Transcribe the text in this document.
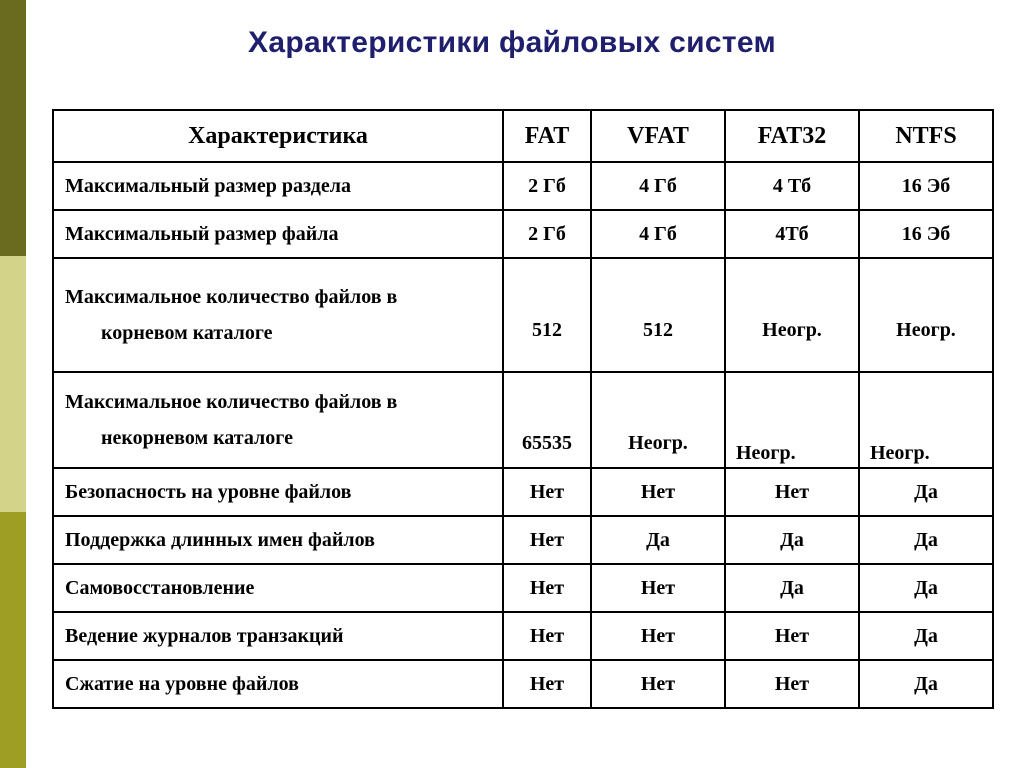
Характеристики файловых систем
Характеристика	FAT	VFAT	FAT32	NTFS
Максимальный размер раздела	2 Гб	4 Гб	4 Тб	16 Эб
Максимальный размер файла	2 Гб	4 Гб	4Тб	16 Эб

Максимальное количество файлов в
корневом каталоге	512	512	Неогр.	Неогр.

Максимальное количество файлов в
некорневом каталоге	65535	Неогр.	Неогр.	Неогр.
Безопасность на уровне файлов	Нет	Нет	Нет	Да
Поддержка длинных имен файлов	Нет	Да	Да	Да
Самовосстановление	Нет	Нет	Да	Да
Ведение журналов транзакций	Нет	Нет	Нет	Да
Сжатие на уровне файлов	Нет	Нет	Нет	Да
